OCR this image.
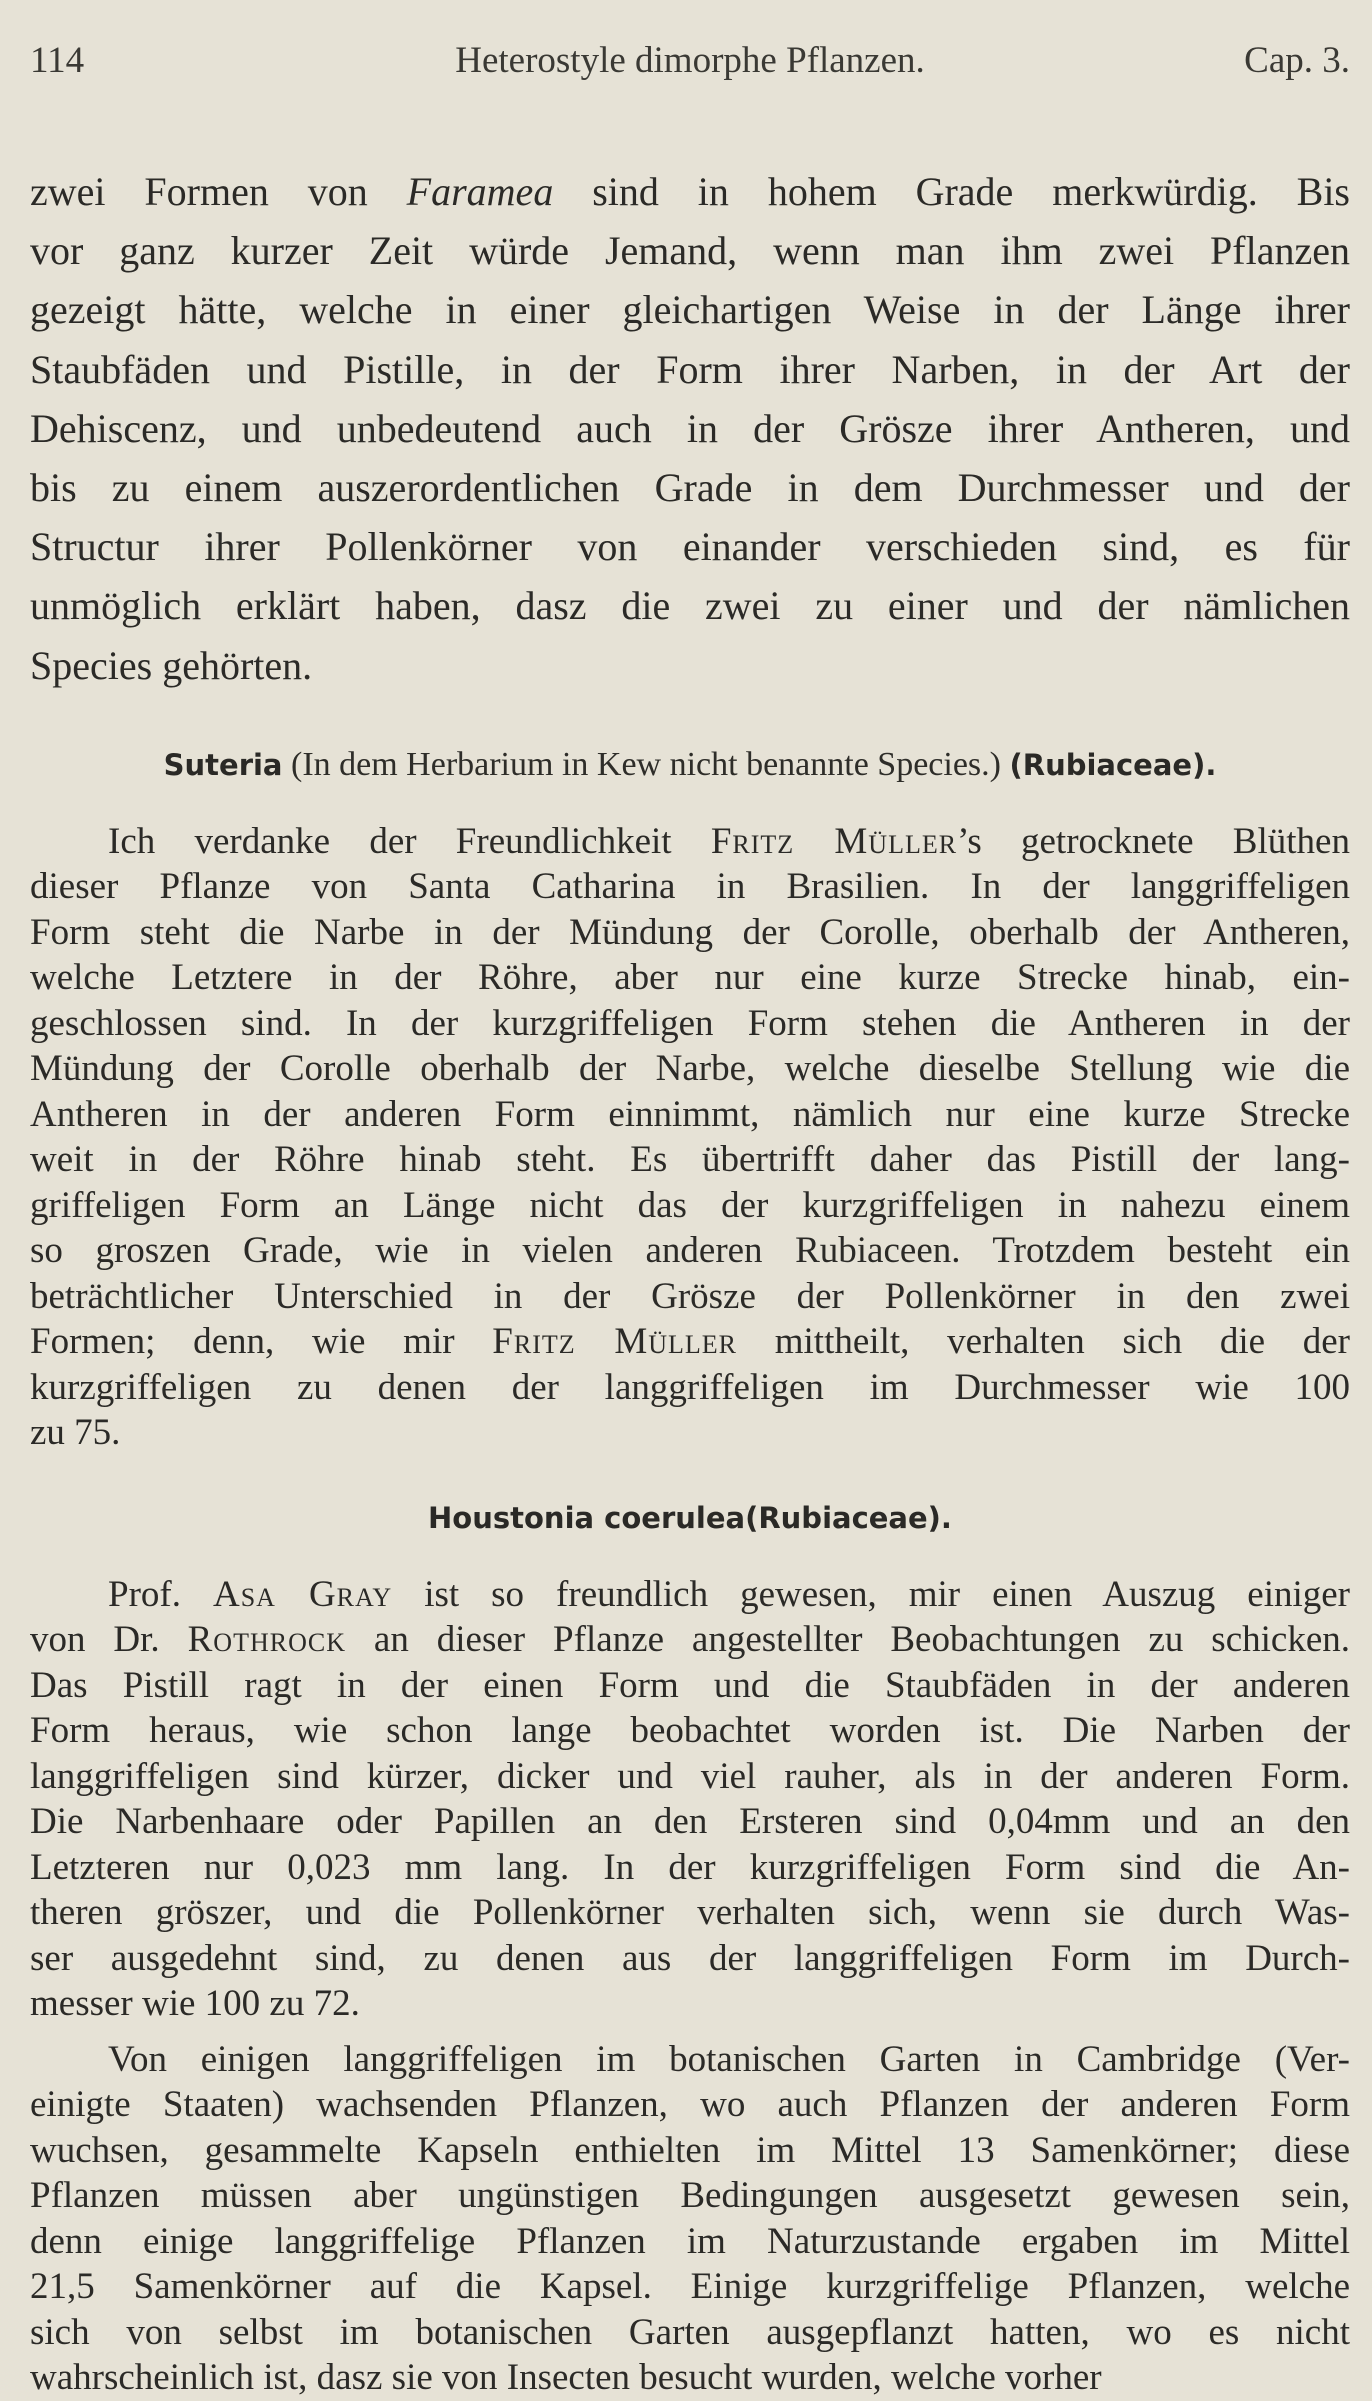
114	Heterostyle dimorphe Pflanzen.	Cap. 3.
zwei Formen von Faramea sind in hohem Grade merkwürdig. Bis
vor ganz kurzer Zeit würde Jemand, wenn man ihm zwei Pflanzen
gezeigt hätte, welche in einer gleichartigen Weise in der Länge ihrer
Staubfäden und Pistille, in der Form ihrer Narben, in der Art der
Dehiscenz, und unbedeutend auch in der Grösze ihrer Antheren, und
bis zu einem auszerordentlichen Grade in dem Durchmesser und der
Structur ihrer Pollenkörner von einander verschieden sind, es für
unmöglich erklärt haben, dasz die zwei zu einer und der nämlichen
Species gehörten.
Suteria (In dem Herbarium in Kew nicht benannte Species.) (Rubiaceae).
Ich verdanke der Freundlichkeit Fritz Müller’s getrocknete Blüthen
dieser Pflanze von Santa Catharina in Brasilien. In der langgriffeligen
Form steht die Narbe in der Mündung der Corolle, oberhalb der Antheren,
welche Letztere in der Röhre, aber nur eine kurze Strecke hinab, ein-
geschlossen sind. In der kurzgriffeligen Form stehen die Antheren in der
Mündung der Corolle oberhalb der Narbe, welche dieselbe Stellung wie die
Antheren in der anderen Form einnimmt, nämlich nur eine kurze Strecke
weit in der Röhre hinab steht. Es übertrifft daher das Pistill der lang-
griffeligen Form an Länge nicht das der kurzgriffeligen in nahezu einem
so groszen Grade, wie in vielen anderen Rubiaceen. Trotzdem besteht ein
beträchtlicher Unterschied in der Grösze der Pollenkörner in den zwei
Formen; denn, wie mir Fritz Müller mittheilt, verhalten sich die der
kurzgriffeligen zu denen der langgriffeligen im Durchmesser wie 100
zu 75.
Houstonia coerulea(Rubiaceae).
Prof. Asa Gray ist so freundlich gewesen, mir einen Auszug einiger
von Dr. Rothrock an dieser Pflanze angestellter Beobachtungen zu schicken.
Das Pistill ragt in der einen Form und die Staubfäden in der anderen
Form heraus, wie schon lange beobachtet worden ist. Die Narben der
langgriffeligen sind kürzer, dicker und viel rauher, als in der anderen Form.
Die Narbenhaare oder Papillen an den Ersteren sind 0,04mm und an den
Letzteren nur 0,023 mm lang. In der kurzgriffeligen Form sind die An-
theren gröszer, und die Pollenkörner verhalten sich, wenn sie durch Was-
ser ausgedehnt sind, zu denen aus der langgriffeligen Form im Durch-
messer wie 100 zu 72.
Von einigen langgriffeligen im botanischen Garten in Cambridge (Ver-
einigte Staaten) wachsenden Pflanzen, wo auch Pflanzen der anderen Form
wuchsen, gesammelte Kapseln enthielten im Mittel 13 Samenkörner; diese
Pflanzen müssen aber ungünstigen Bedingungen ausgesetzt gewesen sein,
denn einige langgriffelige Pflanzen im Naturzustande ergaben im Mittel
21,5 Samenkörner auf die Kapsel. Einige kurzgriffelige Pflanzen, welche
sich von selbst im botanischen Garten ausgepflanzt hatten, wo es nicht
wahrscheinlich ist, dasz sie von Insecten besucht wurden, welche vorher
